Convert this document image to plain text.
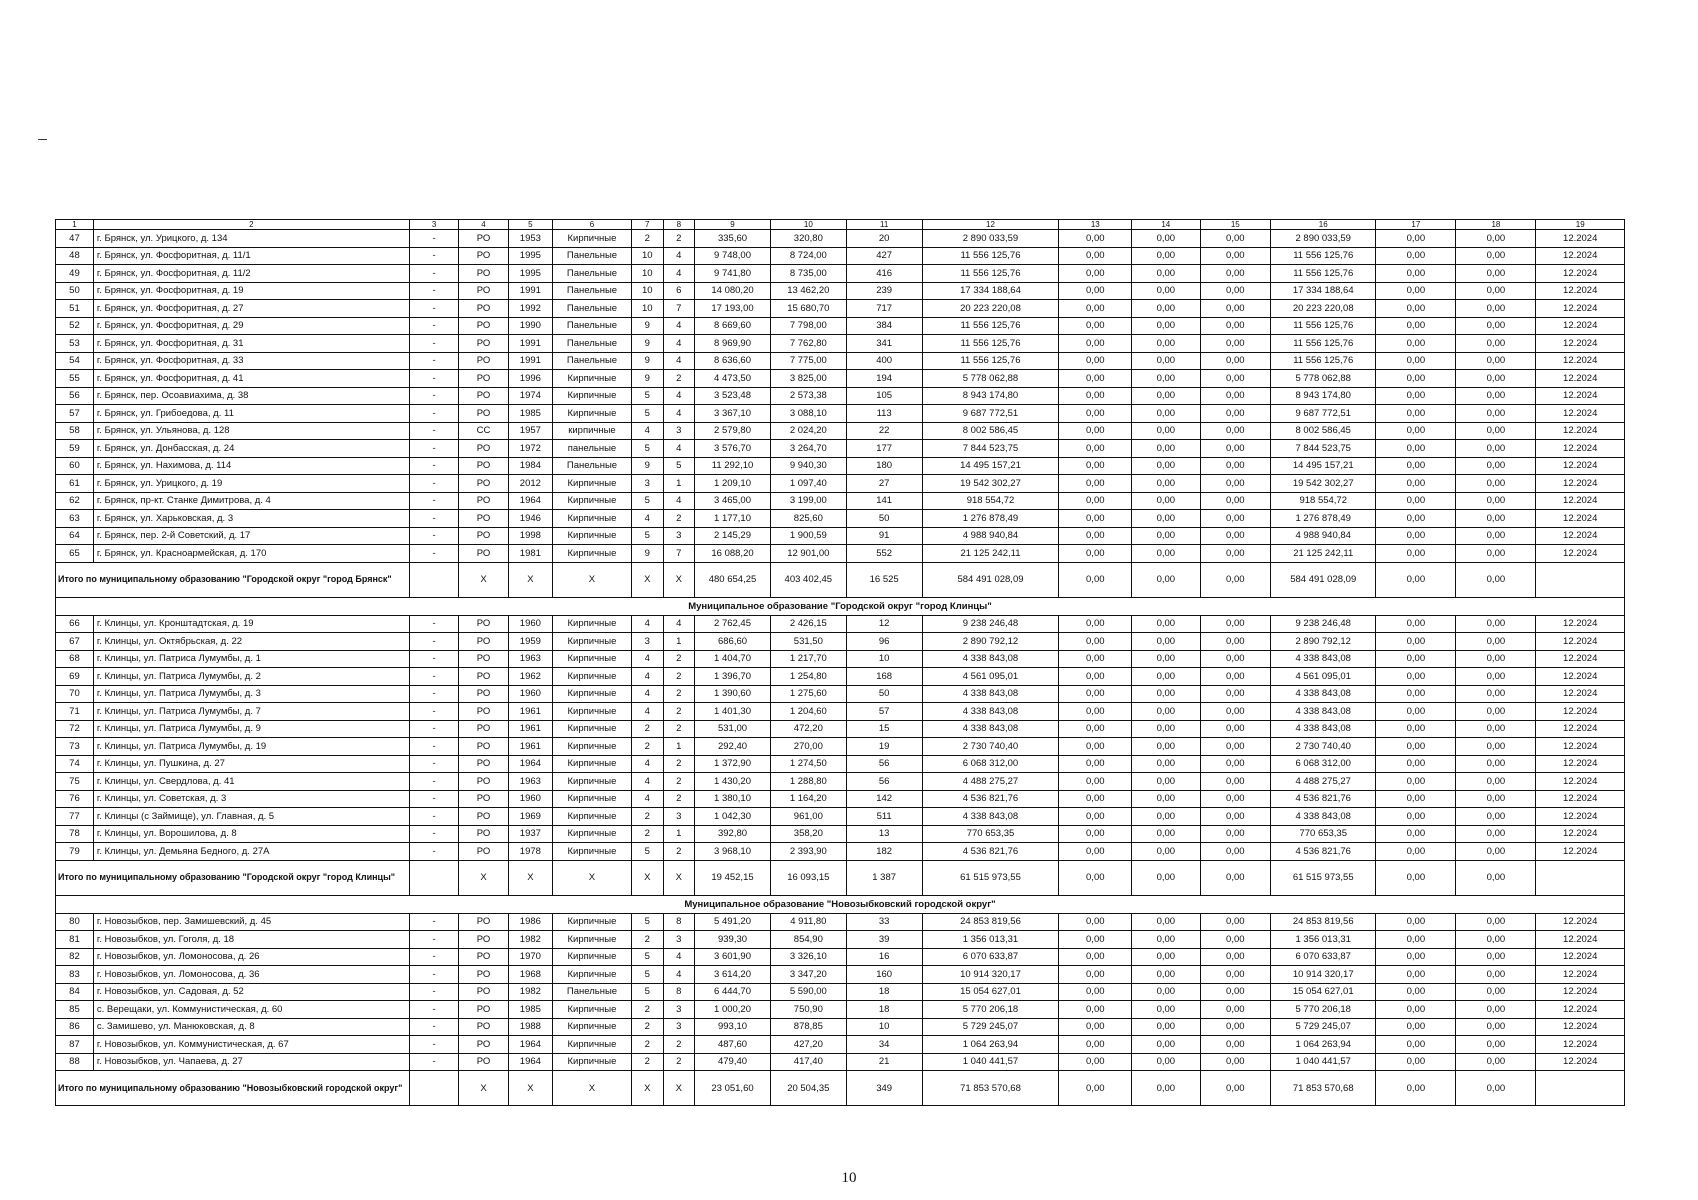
1	2	3	4	5	6	7	8	9	10	11	12	13	14	15	16	17	18	19
47	г. Брянск, ул. Урицкого, д. 134	-	РО	1953	Кирпичные	2	2	335,60	320,80	20	2 890 033,59	0,00	0,00	0,00	2 890 033,59	0,00	0,00	12.2024
48	г. Брянск, ул. Фосфоритная, д. 11/1	-	РО	1995	Панельные	10	4	9 748,00	8 724,00	427	11 556 125,76	0,00	0,00	0,00	11 556 125,76	0,00	0,00	12.2024
49	г. Брянск, ул. Фосфоритная, д. 11/2	-	РО	1995	Панельные	10	4	9 741,80	8 735,00	416	11 556 125,76	0,00	0,00	0,00	11 556 125,76	0,00	0,00	12.2024
50	г. Брянск, ул. Фосфоритная, д. 19	-	РО	1991	Панельные	10	6	14 080,20	13 462,20	239	17 334 188,64	0,00	0,00	0,00	17 334 188,64	0,00	0,00	12.2024
51	г. Брянск, ул. Фосфоритная, д. 27	-	РО	1992	Панельные	10	7	17 193,00	15 680,70	717	20 223 220,08	0,00	0,00	0,00	20 223 220,08	0,00	0,00	12.2024
52	г. Брянск, ул. Фосфоритная, д. 29	-	РО	1990	Панельные	9	4	8 669,60	7 798,00	384	11 556 125,76	0,00	0,00	0,00	11 556 125,76	0,00	0,00	12.2024
53	г. Брянск, ул. Фосфоритная, д. 31	-	РО	1991	Панельные	9	4	8 969,90	7 762,80	341	11 556 125,76	0,00	0,00	0,00	11 556 125,76	0,00	0,00	12.2024
54	г. Брянск, ул. Фосфоритная, д. 33	-	РО	1991	Панельные	9	4	8 636,60	7 775,00	400	11 556 125,76	0,00	0,00	0,00	11 556 125,76	0,00	0,00	12.2024
55	г. Брянск, ул. Фосфоритная, д. 41	-	РО	1996	Кирпичные	9	2	4 473,50	3 825,00	194	5 778 062,88	0,00	0,00	0,00	5 778 062,88	0,00	0,00	12.2024
56	г. Брянск, пер. Осоавиахима, д. 38	-	РО	1974	Кирпичные	5	4	3 523,48	2 573,38	105	8 943 174,80	0,00	0,00	0,00	8 943 174,80	0,00	0,00	12.2024
57	г. Брянск, ул. Грибоедова, д. 11	-	РО	1985	Кирпичные	5	4	3 367,10	3 088,10	113	9 687 772,51	0,00	0,00	0,00	9 687 772,51	0,00	0,00	12.2024
58	г. Брянск, ул. Ульянова, д. 128	-	СС	1957	кирпичные	4	3	2 579,80	2 024,20	22	8 002 586,45	0,00	0,00	0,00	8 002 586,45	0,00	0,00	12.2024
59	г. Брянск, ул. Донбасская, д. 24	-	РО	1972	панельные	5	4	3 576,70	3 264,70	177	7 844 523,75	0,00	0,00	0,00	7 844 523,75	0,00	0,00	12.2024
60	г. Брянск, ул. Нахимова, д. 114	-	РО	1984	Панельные	9	5	11 292,10	9 940,30	180	14 495 157,21	0,00	0,00	0,00	14 495 157,21	0,00	0,00	12.2024
61	г. Брянск, ул. Урицкого, д. 19	-	РО	2012	Кирпичные	3	1	1 209,10	1 097,40	27	19 542 302,27	0,00	0,00	0,00	19 542 302,27	0,00	0,00	12.2024
62	г. Брянск, пр-кт. Станке Димитрова, д. 4	-	РО	1964	Кирпичные	5	4	3 465,00	3 199,00	141	918 554,72	0,00	0,00	0,00	918 554,72	0,00	0,00	12.2024
63	г. Брянск, ул. Харьковская, д. 3	-	РО	1946	Кирпичные	4	2	1 177,10	825,60	50	1 276 878,49	0,00	0,00	0,00	1 276 878,49	0,00	0,00	12.2024
64	г. Брянск, пер. 2-й Советский, д. 17	-	РО	1998	Кирпичные	5	3	2 145,29	1 900,59	91	4 988 940,84	0,00	0,00	0,00	4 988 940,84	0,00	0,00	12.2024
65	г. Брянск, ул. Красноармейская, д. 170	-	РО	1981	Кирпичные	9	7	16 088,20	12 901,00	552	21 125 242,11	0,00	0,00	0,00	21 125 242,11	0,00	0,00	12.2024
Итого по муниципальному образованию "Городской округ "город Брянск"			X	X	X	X	X	480 654,25	403 402,45	16 525	584 491 028,09	0,00	0,00	0,00	584 491 028,09	0,00	0,00	
Муниципальное образование "Городской округ "город Клинцы"																		
66	г. Клинцы, ул. Кронштадтская, д. 19	-	РО	1960	Кирпичные	4	4	2 762,45	2 426,15	12	9 238 246,48	0,00	0,00	0,00	9 238 246,48	0,00	0,00	12.2024
67	г. Клинцы, ул. Октябрьская, д. 22	-	РО	1959	Кирпичные	3	1	686,60	531,50	96	2 890 792,12	0,00	0,00	0,00	2 890 792,12	0,00	0,00	12.2024
68	г. Клинцы, ул. Патриса Лумумбы, д. 1	-	РО	1963	Кирпичные	4	2	1 404,70	1 217,70	10	4 338 843,08	0,00	0,00	0,00	4 338 843,08	0,00	0,00	12.2024
69	г. Клинцы, ул. Патриса Лумумбы, д. 2	-	РО	1962	Кирпичные	4	2	1 396,70	1 254,80	168	4 561 095,01	0,00	0,00	0,00	4 561 095,01	0,00	0,00	12.2024
70	г. Клинцы, ул. Патриса Лумумбы, д. 3	-	РО	1960	Кирпичные	4	2	1 390,60	1 275,60	50	4 338 843,08	0,00	0,00	0,00	4 338 843,08	0,00	0,00	12.2024
71	г. Клинцы, ул. Патриса Лумумбы, д. 7	-	РО	1961	Кирпичные	4	2	1 401,30	1 204,60	57	4 338 843,08	0,00	0,00	0,00	4 338 843,08	0,00	0,00	12.2024
72	г. Клинцы, ул. Патриса Лумумбы, д. 9	-	РО	1961	Кирпичные	2	2	531,00	472,20	15	4 338 843,08	0,00	0,00	0,00	4 338 843,08	0,00	0,00	12.2024
73	г. Клинцы, ул. Патриса Лумумбы, д. 19	-	РО	1961	Кирпичные	2	1	292,40	270,00	19	2 730 740,40	0,00	0,00	0,00	2 730 740,40	0,00	0,00	12.2024
74	г. Клинцы, ул. Пушкина, д. 27	-	РО	1964	Кирпичные	4	2	1 372,90	1 274,50	56	6 068 312,00	0,00	0,00	0,00	6 068 312,00	0,00	0,00	12.2024
75	г. Клинцы, ул. Свердлова, д. 41	-	РО	1963	Кирпичные	4	2	1 430,20	1 288,80	56	4 488 275,27	0,00	0,00	0,00	4 488 275,27	0,00	0,00	12.2024
76	г. Клинцы, ул. Советская, д. 3	-	РО	1960	Кирпичные	4	2	1 380,10	1 164,20	142	4 536 821,76	0,00	0,00	0,00	4 536 821,76	0,00	0,00	12.2024
77	г. Клинцы (с Займище), ул. Главная, д. 5	-	РО	1969	Кирпичные	2	3	1 042,30	961,00	511	4 338 843,08	0,00	0,00	0,00	4 338 843,08	0,00	0,00	12.2024
78	г. Клинцы, ул. Ворошилова, д. 8	-	РО	1937	Кирпичные	2	1	392,80	358,20	13	770 653,35	0,00	0,00	0,00	770 653,35	0,00	0,00	12.2024
79	г. Клинцы, ул. Демьяна Бедного, д. 27А	-	РО	1978	Кирпичные	5	2	3 968,10	2 393,90	182	4 536 821,76	0,00	0,00	0,00	4 536 821,76	0,00	0,00	12.2024
Итого по муниципальному образованию "Городской округ "город Клинцы"			X	X	X	X	X	19 452,15	16 093,15	1 387	61 515 973,55	0,00	0,00	0,00	61 515 973,55	0,00	0,00	
Муниципальное образование "Новозыбковский городской округ"																		
80	г. Новозыбков, пер. Замишевский, д. 45	-	РО	1986	Кирпичные	5	8	5 491,20	4 911,80	33	24 853 819,56	0,00	0,00	0,00	24 853 819,56	0,00	0,00	12.2024
81	г. Новозыбков, ул. Гоголя, д. 18	-	РО	1982	Кирпичные	2	3	939,30	854,90	39	1 356 013,31	0,00	0,00	0,00	1 356 013,31	0,00	0,00	12.2024
82	г. Новозыбков, ул. Ломоносова, д. 26	-	РО	1970	Кирпичные	5	4	3 601,90	3 326,10	16	6 070 633,87	0,00	0,00	0,00	6 070 633,87	0,00	0,00	12.2024
83	г. Новозыбков, ул. Ломоносова, д. 36	-	РО	1968	Кирпичные	5	4	3 614,20	3 347,20	160	10 914 320,17	0,00	0,00	0,00	10 914 320,17	0,00	0,00	12.2024
84	г. Новозыбков, ул. Садовая, д. 52	-	РО	1982	Панельные	5	8	6 444,70	5 590,00	18	15 054 627,01	0,00	0,00	0,00	15 054 627,01	0,00	0,00	12.2024
85	с. Верещаки, ул. Коммунистическая, д. 60	-	РО	1985	Кирпичные	2	3	1 000,20	750,90	18	5 770 206,18	0,00	0,00	0,00	5 770 206,18	0,00	0,00	12.2024
86	с. Замишево, ул. Манюковская, д. 8	-	РО	1988	Кирпичные	2	3	993,10	878,85	10	5 729 245,07	0,00	0,00	0,00	5 729 245,07	0,00	0,00	12.2024
87	г. Новозыбков, ул. Коммунистическая, д. 67	-	РО	1964	Кирпичные	2	2	487,60	427,20	34	1 064 263,94	0,00	0,00	0,00	1 064 263,94	0,00	0,00	12.2024
88	г. Новозыбков, ул. Чапаева, д. 27	-	РО	1964	Кирпичные	2	2	479,40	417,40	21	1 040 441,57	0,00	0,00	0,00	1 040 441,57	0,00	0,00	12.2024
Итого по муниципальному образованию "Новозыбковский городской округ"			X	X	X	X	X	23 051,60	20 504,35	349	71 853 570,68	0,00	0,00	0,00	71 853 570,68	0,00	0,00	
10
